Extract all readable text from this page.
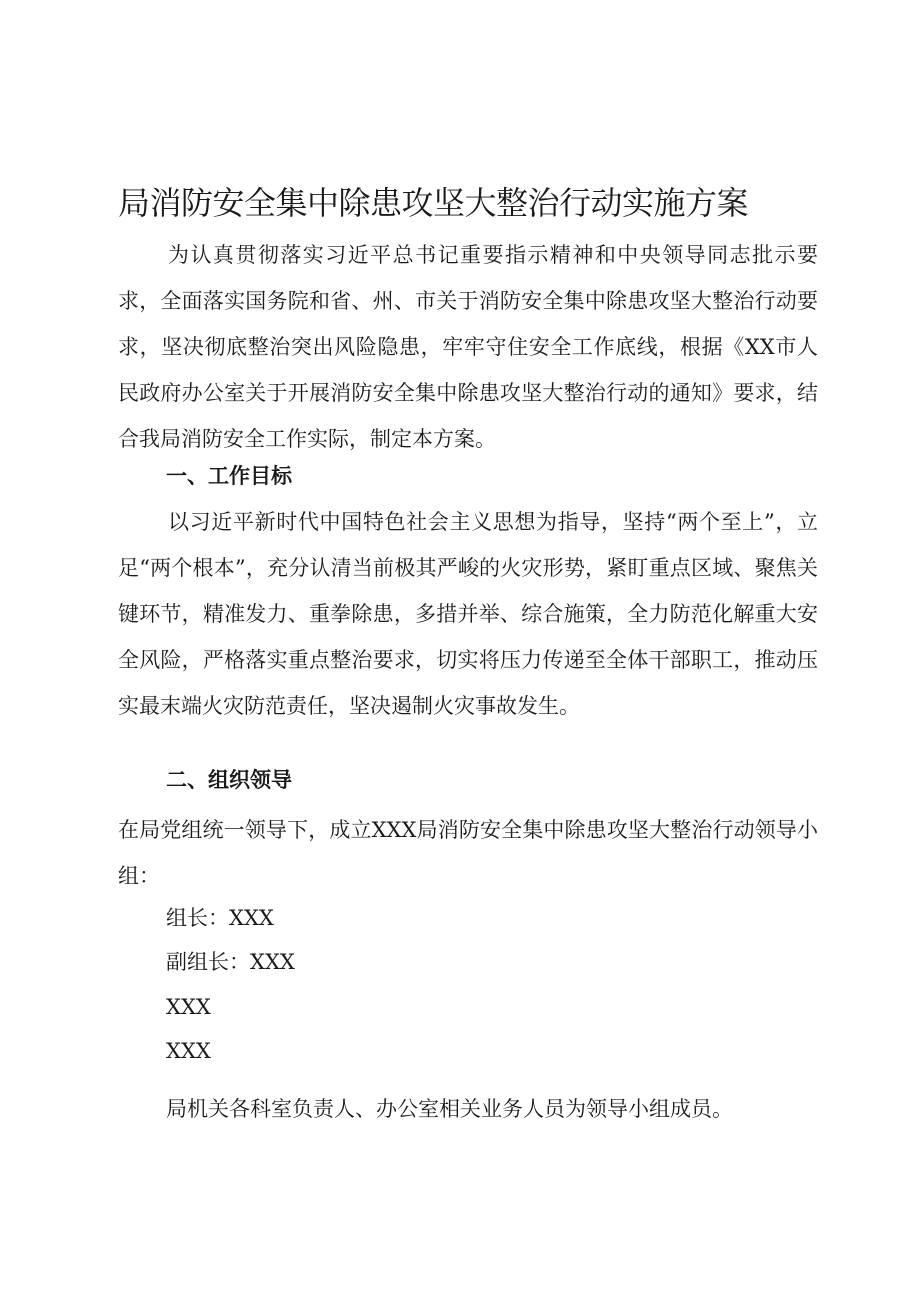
局消防安全集中除患攻坚大整治行动实施方案

为认真贯彻落实习近平总书记重要指示精神和中央领导同志批示要求，全面落实国务院和省、州、市关于消防安全集中除患攻坚大整治行动要求，坚决彻底整治突出风险隐患，牢牢守住安全工作底线，根据《XX市人民政府办公室关于开展消防安全集中除患攻坚大整治行动的通知》要求，结合我局消防安全工作实际，制定本方案。

一、工作目标

以习近平新时代中国特色社会主义思想为指导，坚持“两个至上”，立足“两个根本”，充分认清当前极其严峻的火灾形势，紧盯重点区域、聚焦关键环节，精准发力、重拳除患，多措并举、综合施策，全力防范化解重大安全风险，严格落实重点整治要求，切实将压力传递至全体干部职工，推动压实最末端火灾防范责任，坚决遏制火灾事故发生。

二、组织领导

在局党组统一领导下，成立XXX局消防安全集中除患攻坚大整治行动领导小组：

组长：XXX

副组长：XXX

XXX

XXX

局机关各科室负责人、办公室相关业务人员为领导小组成员。
